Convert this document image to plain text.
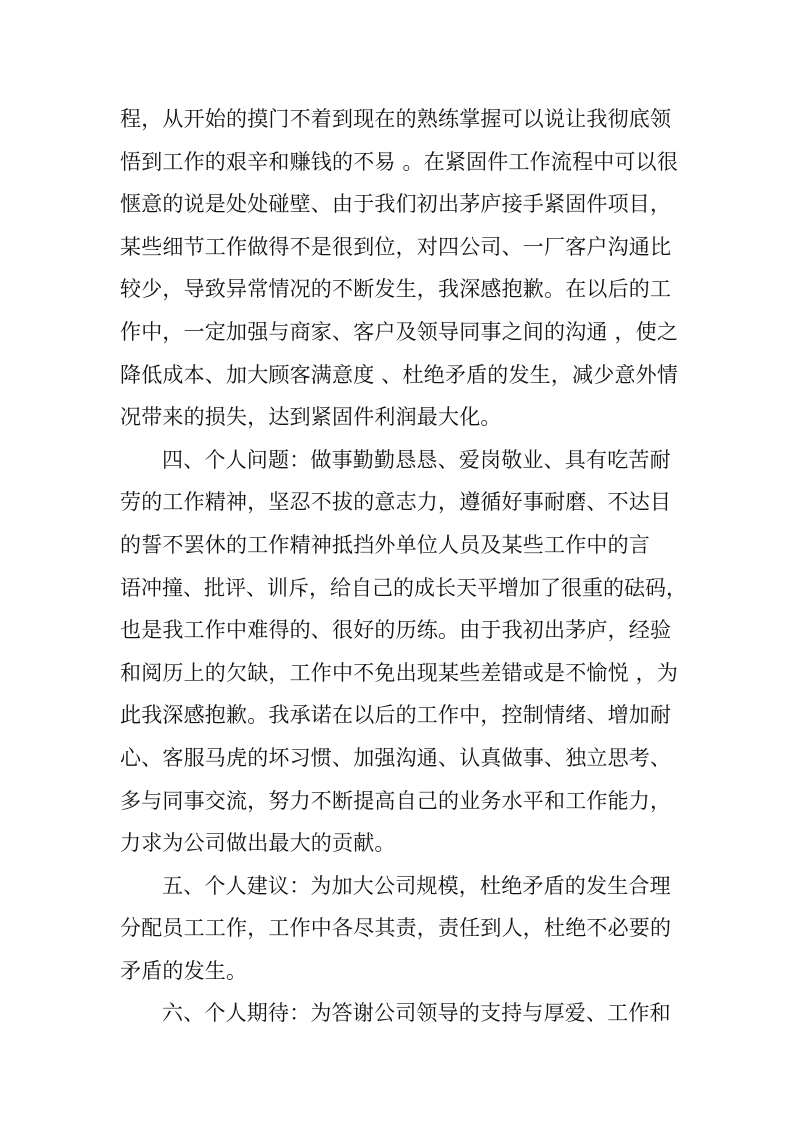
程，从开始的摸门不着到现在的熟练掌握可以说让我彻底领
悟到工作的艰辛和赚钱的不易 。在紧固件工作流程中可以很
惬意的说是处处碰壁、由于我们初出茅庐接手紧固件项目，
某些细节工作做得不是很到位，对四公司、一厂客户沟通比
较少，导致异常情况的不断发生，我深感抱歉。在以后的工
作中，一定加强与商家、客户及领导同事之间的沟通 ，使之
降低成本、加大顾客满意度 、杜绝矛盾的发生，减少意外情
况带来的损失，达到紧固件利润最大化。
四、个人问题：做事勤勤恳恳、爱岗敬业、具有吃苦耐
劳的工作精神，坚忍不拔的意志力，遵循好事耐磨、不达目
的誓不罢休的工作精神抵挡外单位人员及某些工作中的言
语冲撞、批评、训斥，给自己的成长天平增加了很重的砝码，
也是我工作中难得的、很好的历练。由于我初出茅庐，经验
和阅历上的欠缺，工作中不免出现某些差错或是不愉悦 ，为
此我深感抱歉。我承诺在以后的工作中，控制情绪、增加耐
心、客服马虎的坏习惯、加强沟通、认真做事、独立思考、
多与同事交流，努力不断提高自己的业务水平和工作能力，
力求为公司做出最大的贡献。
五、个人建议：为加大公司规模，杜绝矛盾的发生合理
分配员工工作，工作中各尽其责，责任到人，杜绝不必要的
矛盾的发生。
六、个人期待：为答谢公司领导的支持与厚爱、工作和
